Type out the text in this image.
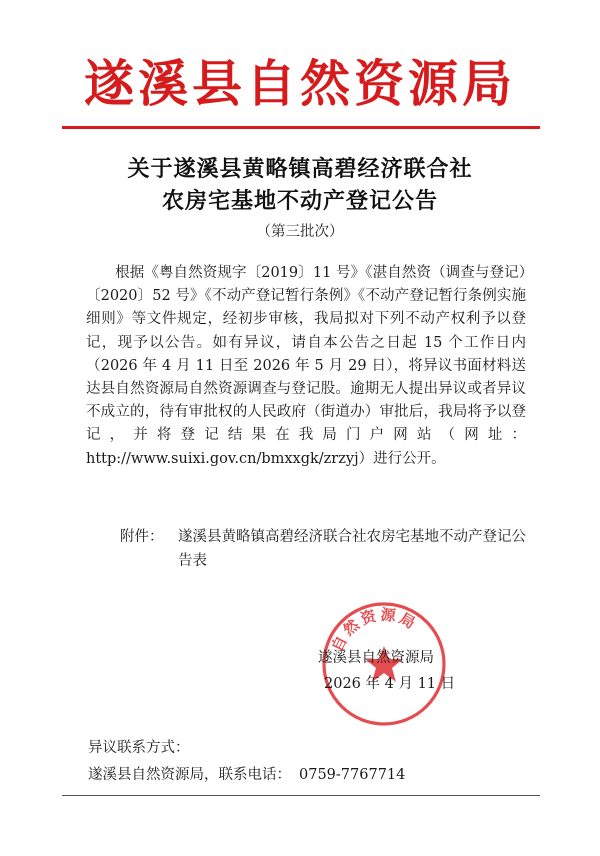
遂溪县自然资源局
关于遂溪县黄略镇高碧经济联合社
农房宅基地不动产登记公告
（第三批次）
根据《粤自然资规字〔2019〕11 号》《湛自然资（调查与登记）〔2020〕52 号》《不动产登记暂行条例》《不动产登记暂行条例实施细则》等文件规定，经初步审核，我局拟对下列不动产权利予以登记，现予以公告。如有异议，请自本公告之日起 15 个工作日内（2026 年 4 月 11 日至 2026 年 5 月 29 日），将异议书面材料送达县自然资源局自然资源调查与登记股。逾期无人提出异议或者异议不成立的，待有审批权的人民政府（街道办）审批后，我局将予以登记，并将登记结果在我局门户网站（网址：http://www.suixi.gov.cn/bmxxgk/zrzyj）进行公开。
附件： 遂溪县黄略镇高碧经济联合社农房宅基地不动产登记公告表
自然资源局
遂溪县自然资源局
2026 年 4 月 11 日
异议联系方式：
遂溪县自然资源局，联系电话： 0759-7767714
